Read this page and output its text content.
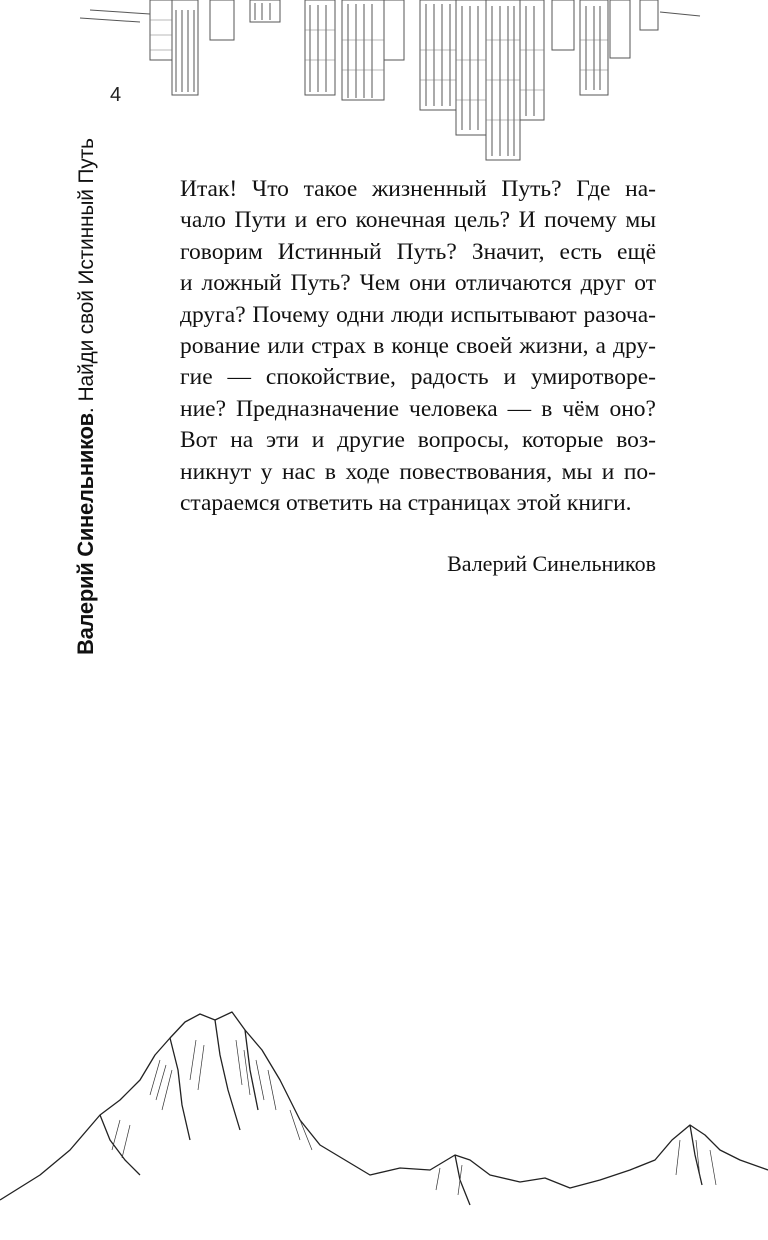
4
Валерий Синельников. Найди свой Истинный Путь	Итак! Что такое жизненный Путь? Где на-
чало Пути и его конечная цель? И почему мы
говорим Истинный Путь? Значит, есть ещё
и ложный Путь? Чем они отличаются друг от
друга? Почему одни люди испытывают разоча-
рование или страх в конце своей жизни, а дру-
гие — спокойствие, радость и умиротворе-
ние? Предназначение человека — в чём оно?
Вот на эти и другие вопросы, которые воз-
никнут у нас в ходе повествования, мы и по-
стараемся ответить на страницах этой книги.
Валерий Синельников
